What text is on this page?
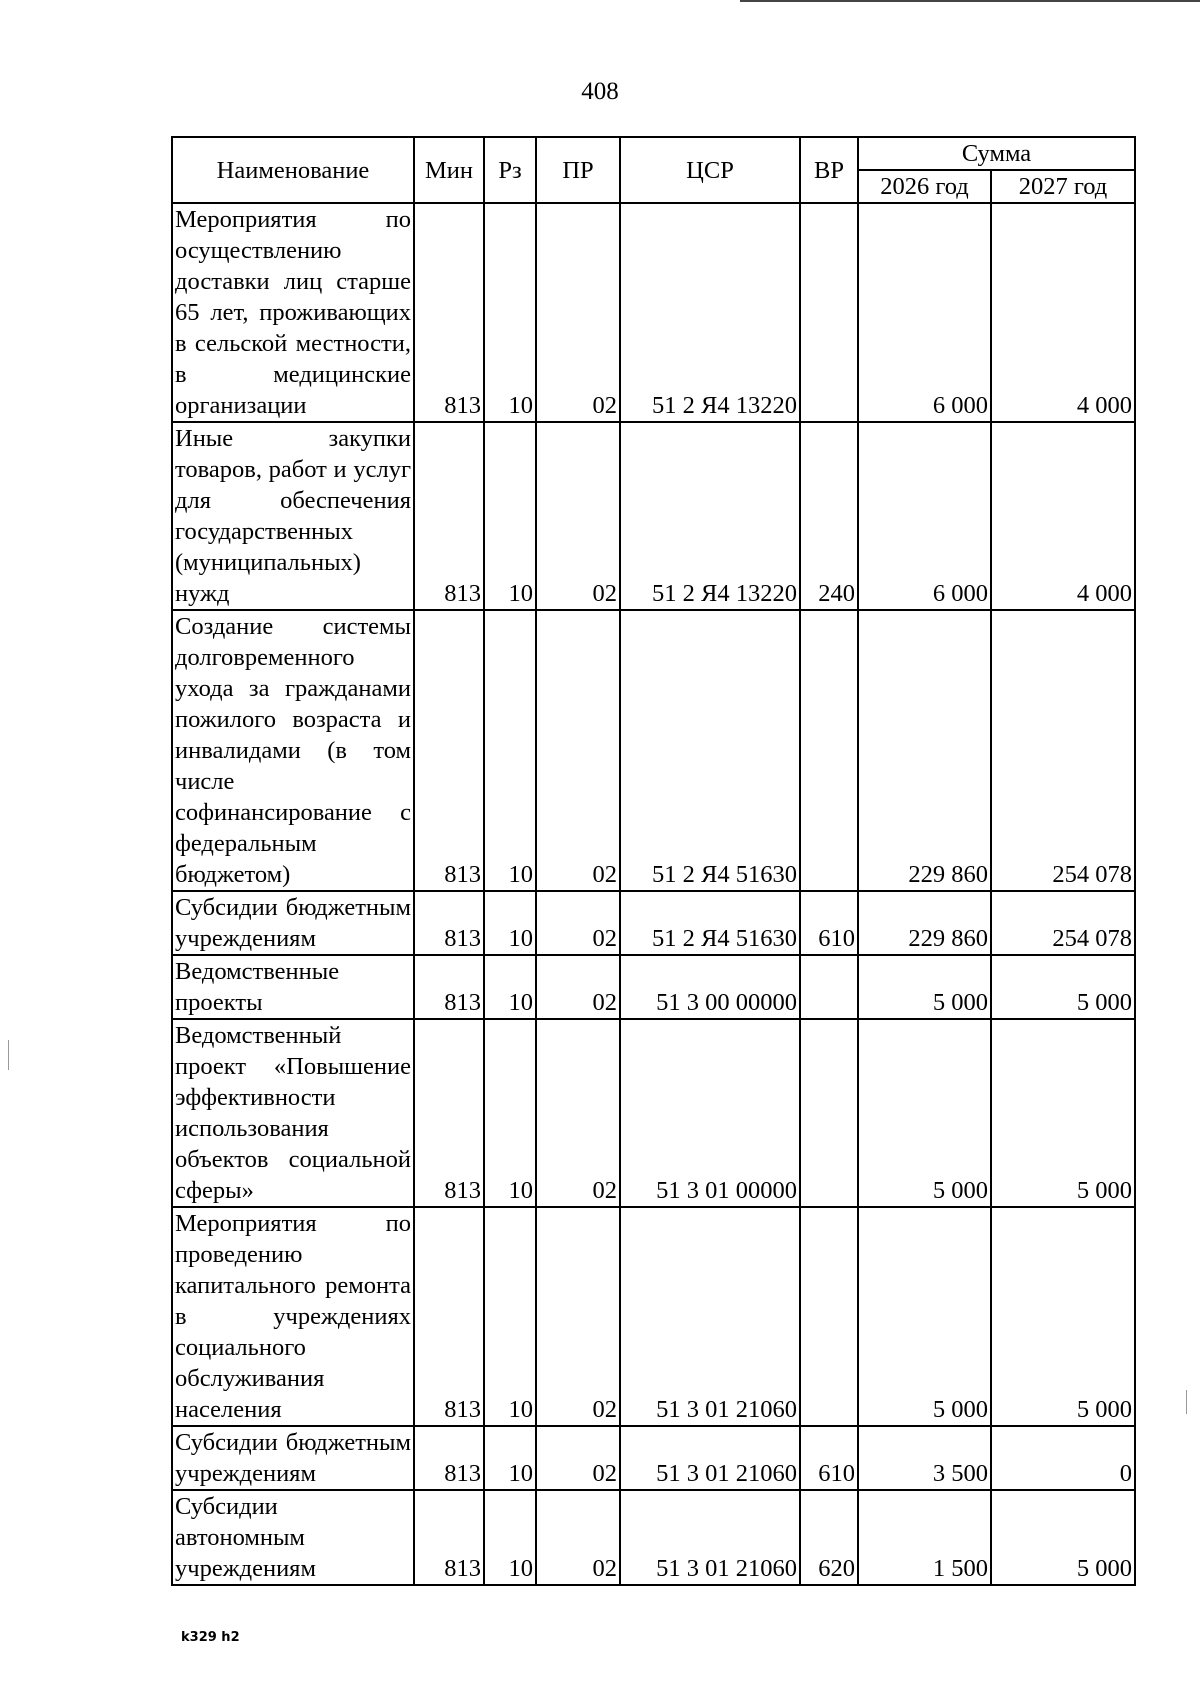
408
Наименование	Мин	Рз	ПР	ЦСР	ВР	Сумма	
						2026 год	2027 год
Мероприятия по осуществлению доставки лиц старше 65 лет, проживающих в сельской местности, в медицинские организации	813	10	02	51 2 Я4 13220		6 000	4 000
Иные закупки товаров, работ и услуг для обеспечения государственных (муниципальных) нужд	813	10	02	51 2 Я4 13220	240	6 000	4 000
Создание системы долговременного ухода за гражданами пожилого возраста и инвалидами (в том числе софинансирование с федеральным бюджетом)	813	10	02	51 2 Я4 51630		229 860	254 078
Субсидии бюджетным учреждениям	813	10	02	51 2 Я4 51630	610	229 860	254 078
Ведомственные проекты	813	10	02	51 3 00 00000		5 000	5 000
Ведомственный проект «Повышение эффективности использования объектов социальной сферы»	813	10	02	51 3 01 00000		5 000	5 000
Мероприятия по проведению капитального ремонта в учреждениях социального обслуживания населения	813	10	02	51 3 01 21060		5 000	5 000
Субсидии бюджетным учреждениям	813	10	02	51 3 01 21060	610	3 500	0
Субсидии автономным учреждениям	813	10	02	51 3 01 21060	620	1 500	5 000
k329 h2
